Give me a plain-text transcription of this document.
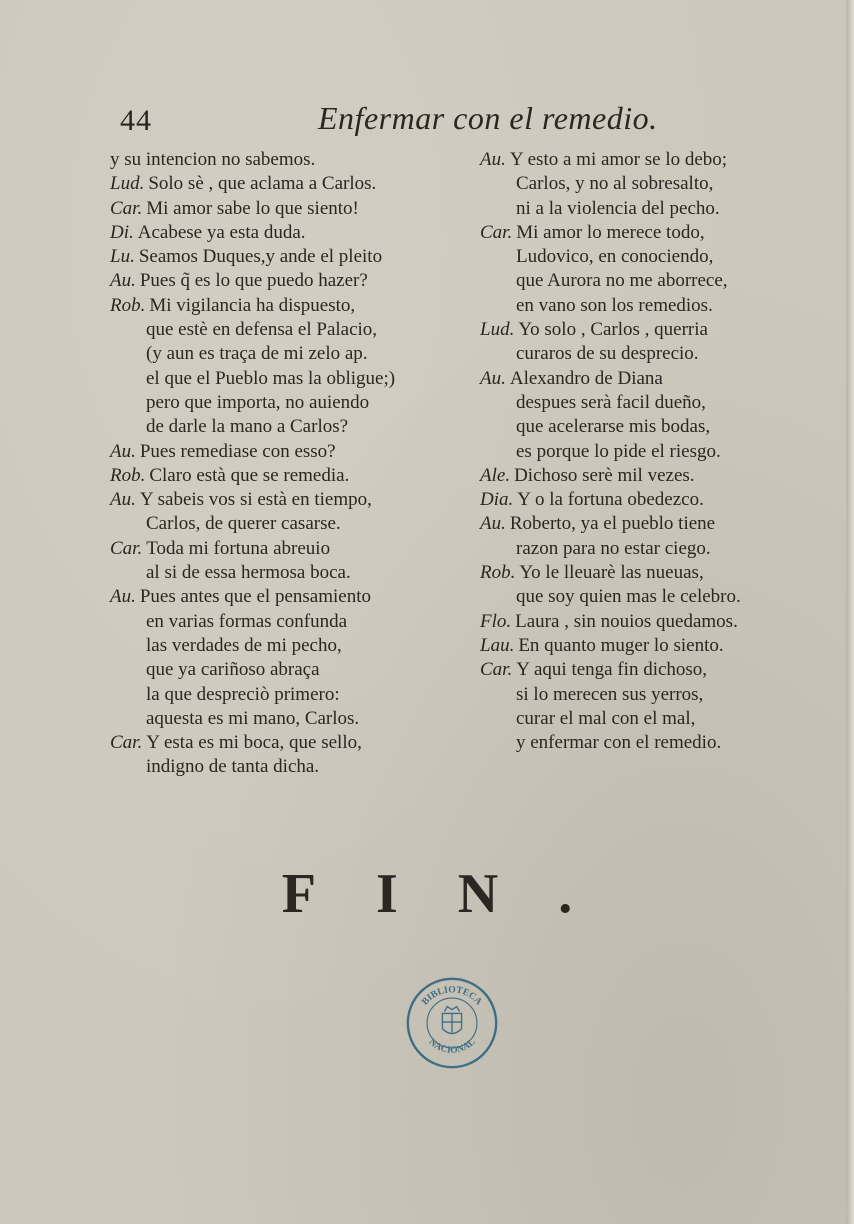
44	Enfermar con el remedio.
y su intencion no sabemos.
Lud. Solo sè , que aclama a Carlos.
Car. Mi amor sabe lo que siento!
Di. Acabese ya esta duda.
Lu. Seamos Duques,y ande el pleito
Au. Pues q̃ es lo que puedo hazer?
Rob. Mi vigilancia ha dispuesto,
que estè en defensa el Palacio,
(y aun es traça de mi zelo ap.
el que el Pueblo mas la obligue;)
pero que importa, no auiendo
de darle la mano a Carlos?
Au. Pues remediase con esso?
Rob. Claro està que se remedia.
Au. Y sabeis vos si està en tiempo,
Carlos, de querer casarse.
Car. Toda mi fortuna abreuio
al si de essa hermosa boca.
Au. Pues antes que el pensamiento
en varias formas confunda
las verdades de mi pecho,
que ya cariñoso abraça
la que despreciò primero:
aquesta es mi mano, Carlos.
Car. Y esta es mi boca, que sello,
indigno de tanta dicha.
Au. Y esto a mi amor se lo debo;
Carlos, y no al sobresalto,
ni a la violencia del pecho.
Car. Mi amor lo merece todo,
Ludovico, en conociendo,
que Aurora no me aborrece,
en vano son los remedios.
Lud. Yo solo , Carlos , querria
curaros de su desprecio.
Au. Alexandro de Diana
despues serà facil dueño,
que acelerarse mis bodas,
es porque lo pide el riesgo.
Ale. Dichoso serè mil vezes.
Dia. Y o la fortuna obedezco.
Au. Roberto, ya el pueblo tiene
razon para no estar ciego.
Rob. Yo le lleuarè las nueuas,
que soy quien mas le celebro.
Flo. Laura , sin nouios quedamos.
Lau. En quanto muger lo siento.
Car. Y aqui tenga fin dichoso,
si lo merecen sus yerros,
curar el mal con el mal,
y enfermar con el remedio.
FIN.
BIBLIOTECA
NACIONAL
